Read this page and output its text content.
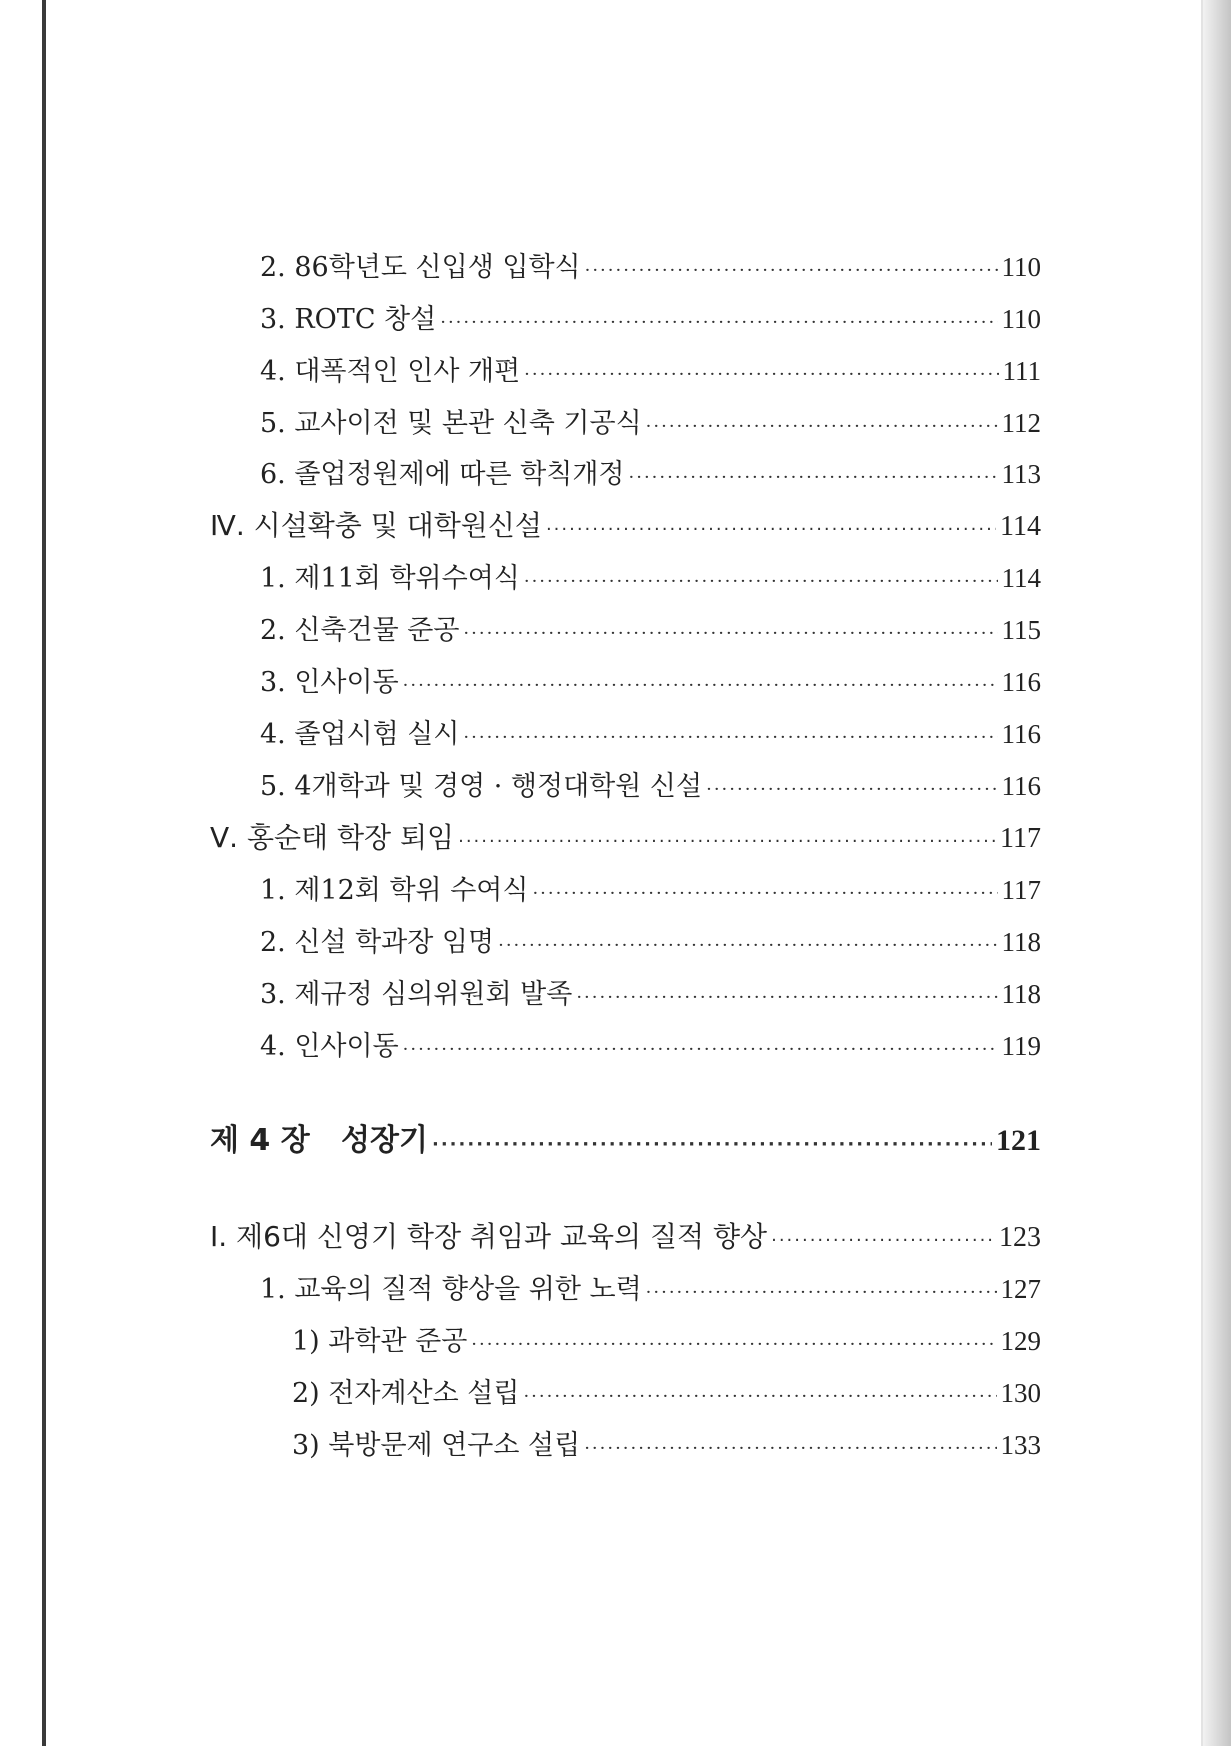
2. 86학년도 신입생 입학식 ·····	110
3. ROTC 창설 ·····	110
4. 대폭적인 인사 개편 ·····	111
5. 교사이전 및 본관 신축 기공식 ·····	112
6. 졸업정원제에 따른 학칙개정 ·····	113
Ⅳ. 시설확충 및 대학원신설 ·····	114
1. 제11회 학위수여식 ·····	114
2. 신축건물 준공 ·····	115
3. 인사이동 ·····	116
4. 졸업시험 실시 ·····	116
5. 4개학과 및 경영 · 행정대학원 신설 ·····	116
Ⅴ. 홍순태 학장 퇴임 ·····	117
1. 제12회 학위 수여식 ·····	117
2. 신설 학과장 임명 ·····	118
3. 제규정 심의위원회 발족 ·····	118
4. 인사이동 ·····	119
제 4 장   성장기 ·····	121
Ⅰ. 제6대 신영기 학장 취임과 교육의 질적 향상 ·····	123
1. 교육의 질적 향상을 위한 노력 ·····	127
1) 과학관 준공 ·····	129
2) 전자계산소 설립 ·····	130
3) 북방문제 연구소 설립 ·····	133
